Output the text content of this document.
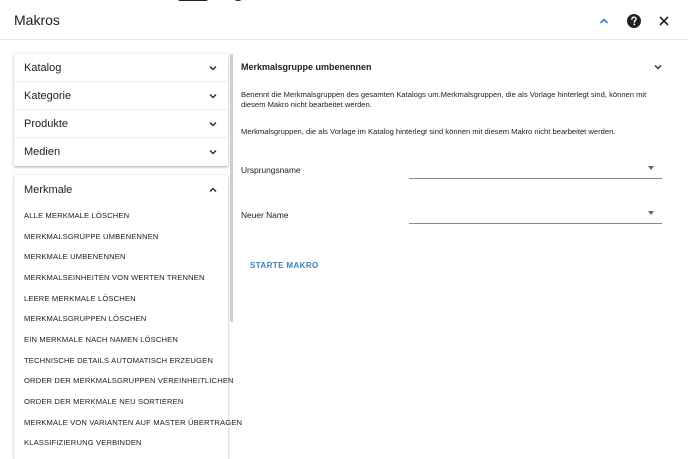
Makros
Katalog
Kategorie
Produkte
Medien
Merkmale
ALLE MERKMALE LÖSCHEN
MERKMALSGRUPPE UMBENENNEN
MERKMALE UMBENENNEN
MERKMALSEINHEITEN VON WERTEN TRENNEN
LEERE MERKMALE LÖSCHEN
MERKMALSGRUPPEN LÖSCHEN
EIN MERKMALE NACH NAMEN LÖSCHEN
TECHNISCHE DETAILS AUTOMATISCH ERZEUGEN
ORDER DER MERKMALSGRUPPEN VEREINHEITLICHEN
ORDER DER MERKMALE NEU SORTIEREN
MERKMALE VON VARIANTEN AUF MASTER ÜBERTRAGEN
KLASSIFIZIERUNG VERBINDEN
Merkmalsgruppe umbenennen

Benennt die Merkmalsgruppen des gesamten Katalogs um.Merkmalsgruppen, die als Vorlage hinterlegt sind, können mit diesem Makro nicht bearbeitet werden.

Merkmalsgruppen, die als Vorlage im Katalog hinterlegt sind können mit diesem Makro nicht bearbeitet werden.

Ursprungsname
Neuer Name
STARTE MAKRO
